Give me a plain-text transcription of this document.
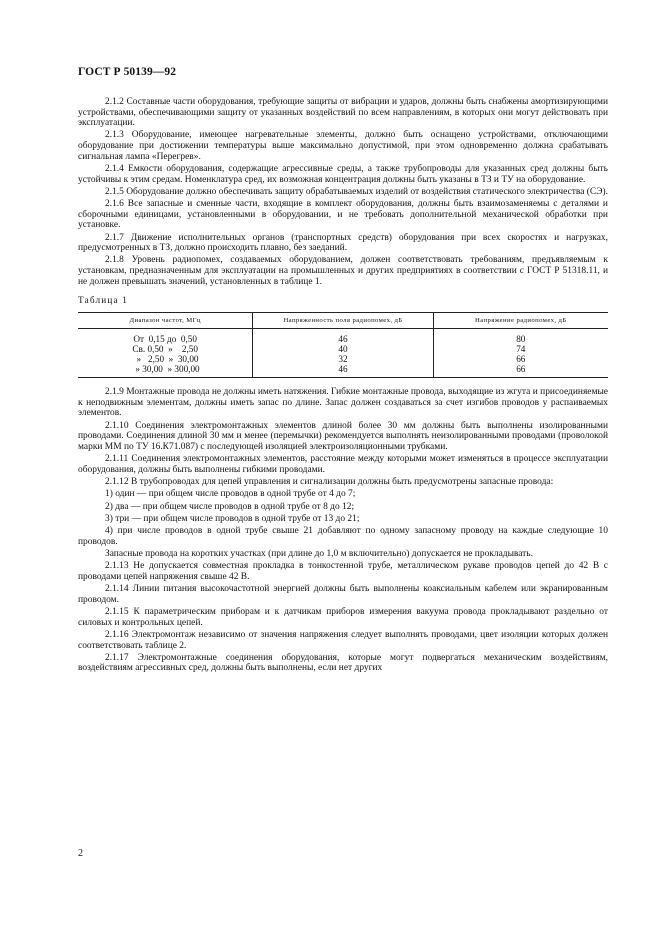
ГОСТ Р 50139—92

2.1.2 Составные части оборудования, требующие защиты от вибрации и ударов, должны быть снабжены амортизирующими устройствами, обеспечивающими защиту от указанных воздействий по всем направлениям, в которых они могут действовать при эксплуатации.

2.1.3 Оборудование, имеющее нагревательные элементы, должно быть оснащено устройствами, отключающими оборудование при достижении температуры выше максимально допустимой, при этом одновременно должна срабатывать сигнальная лампа «Перегрев».

2.1.4 Емкости оборудования, содержащие агрессивные среды, а также трубопроводы для указанных сред должны быть устойчивы к этим средам. Номенклатура сред, их возможная концентрация должны быть указаны в ТЗ и ТУ на оборудование.

2.1.5 Оборудование должно обеспечивать защиту обрабатываемых изделий от воздействия статического электричества (СЭ).

2.1.6 Все запасные и сменные части, входящие в комплект оборудования, должны быть взаимозаменяемы с деталями и сборочными единицами, установленными в оборудовании, и не требовать дополнительной механической обработки при установке.

2.1.7 Движение исполнительных органов (транспортных средств) оборудования при всех скоростях и нагрузках, предусмотренных в ТЗ, должно происходить плавно, без заеданий.

2.1.8 Уровень радиопомех, создаваемых оборудованием, должен соответствовать требованиям, предъявляемым к установкам, предназначенным для эксплуатации на промышленных и других предприятиях в соответствии с ГОСТ Р 51318.11, и не должен превышать значений, установленных в таблице 1.

Таблица 1
Диапазон частот, МГц	Напряженность поля радиопомех, дБ	Напряжение радиопомех, дБ
От  0,15 до  0,50	46	80
Св. 0,50  »    2,50	40	74
»   2,50  »  30,00	32	66
» 30,00  » 300,00	46	66

2.1.9 Монтажные провода не должны иметь натяжения. Гибкие монтажные провода, выходящие из жгута и присоединяемые к неподвижным элементам, должны иметь запас по длине. Запас должен создаваться за счет изгибов проводов у распаиваемых элементов.

2.1.10 Соединения электромонтажных элементов длиной более 30 мм должны быть выполнены изолированными проводами. Соединения длиной 30 мм и менее (перемычки) рекомендуется выполнять неизолированными проводами (проволокой марки ММ по ТУ 16.К71.087) с последующей изоляцией электроизоляционными трубками.

2.1.11 Соединения электромонтажных элементов, расстояние между которыми может изменяться в процессе эксплуатации оборудования, должны быть выполнены гибкими проводами.

2.1.12 В трубопроводах для цепей управления и сигнализации должны быть предусмотрены запасные провода:

1) один — при общем числе проводов в одной трубе от 4 до 7;

2) два — при общем числе проводов в одной трубе от 8 до 12;

3) три — при общем числе проводов в одной трубе от 13 до 21;

4) при числе проводов в одной трубе свыше 21 добавляют по одному запасному проводу на каждые следующие 10 проводов.

Запасные провода на коротких участках (при длине до 1,0 м включительно) допускается не прокладывать.

2.1.13 Не допускается совместная прокладка в тонкостенной трубе, металлическом рукаве проводов цепей до 42 В с проводами цепей напряжения свыше 42 В.

2.1.14 Линии питания высокочастотной энергией должны быть выполнены коаксиальным кабелем или экранированным проводом.

2.1.15 К параметрическим приборам и к датчикам приборов измерения вакуума провода прокладывают раздельно от силовых и контрольных цепей.

2.1.16 Электромонтаж независимо от значения напряжения следует выполнять проводами, цвет изоляции которых должен соответствовать таблице 2.

2.1.17 Электромонтажные соединения оборудования, которые могут подвергаться механическим воздействиям, воздействиям агрессивных сред, должны быть выполнены, если нет других

2
